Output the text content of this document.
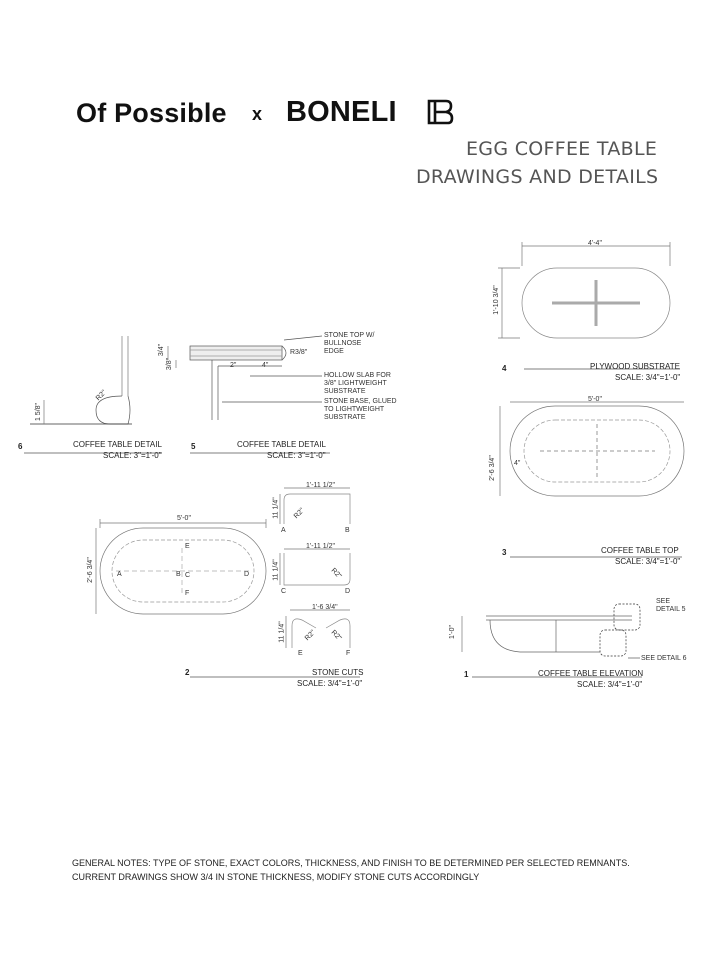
Of Possible x BONELI
EGG COFFEE TABLE
DRAWINGS AND DETAILS
4'-4"
1'-10 3/4"
4	PLYWOOD SUBSTRATE
SCALE: 3/4"=1'-0"
5'-0"
2'-6 3/4"	4"
3	COFFEE TABLE TOP
SCALE: 3/4"=1'-0"
1'-0"
SEE
DETAIL 5
SEE DETAIL 6
1	COFFEE TABLE ELEVATION
SCALE: 3/4"=1'-0"
5'-0"
2'-6 3/4"	A	B C	D
E
F
1'-11 1/2"
11 1/4" R2"
A	B
1'-11 1/2"
11 1/4"	R2"
C	D
1'-6 3/4"
11 1/4"	R2" R2"
E	F
2	STONE CUTS
SCALE: 3/4"=1'-0"
STONE TOP W/
BULLNOSE
EDGE
R3/8"
HOLLOW SLAB FOR
3/8" LIGHTWEIGHT
SUBSTRATE
STONE BASE, GLUED
TO LIGHTWEIGHT
SUBSTRATE
3/4"
3/8"	2"	4"
5	COFFEE TABLE DETAIL
SCALE: 3"=1'-0"
R2"
1 5/8"
6	COFFEE TABLE DETAIL
SCALE: 3"=1'-0"
GENERAL NOTES: TYPE OF STONE, EXACT COLORS, THICKNESS, AND FINISH TO BE DETERMINED PER SELECTED REMNANTS.
CURRENT DRAWINGS SHOW 3/4 IN STONE THICKNESS, MODIFY STONE CUTS ACCORDINGLY
